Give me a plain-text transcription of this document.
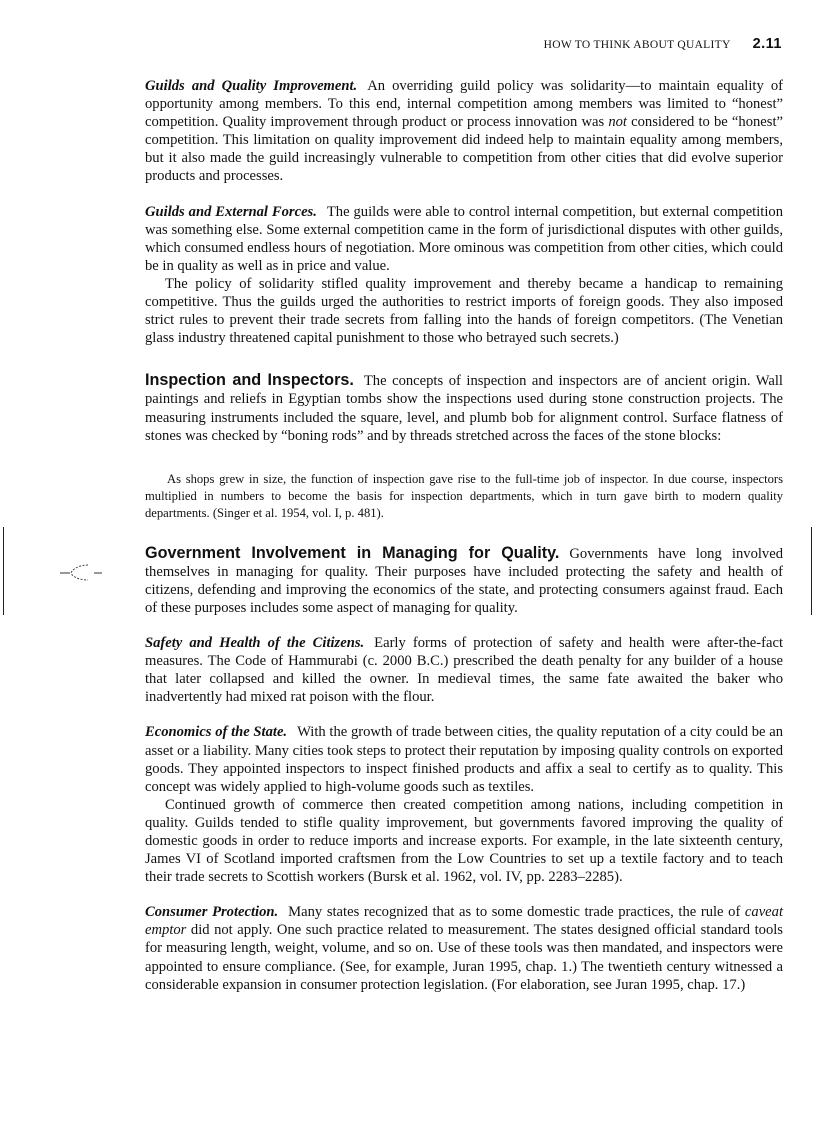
HOW TO THINK ABOUT QUALITY 2.11

Guilds and Quality Improvement. An overriding guild policy was solidarity—to maintain equality of opportunity among members. To this end, internal competition among members was limited to “honest” competition. Quality improvement through product or process innovation was not considered to be “honest” competition. This limitation on quality improvement did indeed help to maintain equality among members, but it also made the guild increasingly vulnerable to competition from other cities that did evolve superior products and processes.

Guilds and External Forces. The guilds were able to control internal competition, but external competition was something else. Some external competition came in the form of jurisdictional disputes with other guilds, which consumed endless hours of negotiation. More ominous was competition from other cities, which could be in quality as well as in price and value.

The policy of solidarity stifled quality improvement and thereby became a handicap to remaining competitive. Thus the guilds urged the authorities to restrict imports of foreign goods. They also imposed strict rules to prevent their trade secrets from falling into the hands of foreign competitors. (The Venetian glass industry threatened capital punishment to those who betrayed such secrets.)

Inspection and Inspectors. The concepts of inspection and inspectors are of ancient origin. Wall paintings and reliefs in Egyptian tombs show the inspections used during stone construction projects. The measuring instruments included the square, level, and plumb bob for alignment control. Surface flatness of stones was checked by “boning rods” and by threads stretched across the faces of the stone blocks:

As shops grew in size, the function of inspection gave rise to the full-time job of inspector. In due course, inspectors multiplied in numbers to become the basis for inspection departments, which in turn gave birth to modern quality departments. (Singer et al. 1954, vol. I, p. 481).

Government Involvement in Managing for Quality. Governments have long involved themselves in managing for quality. Their purposes have included protecting the safety and health of citizens, defending and improving the economics of the state, and protecting consumers against fraud. Each of these purposes includes some aspect of managing for quality.

Safety and Health of the Citizens. Early forms of protection of safety and health were after-the-fact measures. The Code of Hammurabi (c. 2000 B.C.) prescribed the death penalty for any builder of a house that later collapsed and killed the owner. In medieval times, the same fate awaited the baker who inadvertently had mixed rat poison with the flour.

Economics of the State. With the growth of trade between cities, the quality reputation of a city could be an asset or a liability. Many cities took steps to protect their reputation by imposing quality controls on exported goods. They appointed inspectors to inspect finished products and affix a seal to certify as to quality. This concept was widely applied to high-volume goods such as textiles.

Continued growth of commerce then created competition among nations, including competition in quality. Guilds tended to stifle quality improvement, but governments favored improving the quality of domestic goods in order to reduce imports and increase exports. For example, in the late sixteenth century, James VI of Scotland imported craftsmen from the Low Countries to set up a textile factory and to teach their trade secrets to Scottish workers (Bursk et al. 1962, vol. IV, pp. 2283–2285).

Consumer Protection. Many states recognized that as to some domestic trade practices, the rule of caveat emptor did not apply. One such practice related to measurement. The states designed official standard tools for measuring length, weight, volume, and so on. Use of these tools was then mandated, and inspectors were appointed to ensure compliance. (See, for example, Juran 1995, chap. 1.) The twentieth century witnessed a considerable expansion in consumer protection legislation. (For elaboration, see Juran 1995, chap. 17.)
